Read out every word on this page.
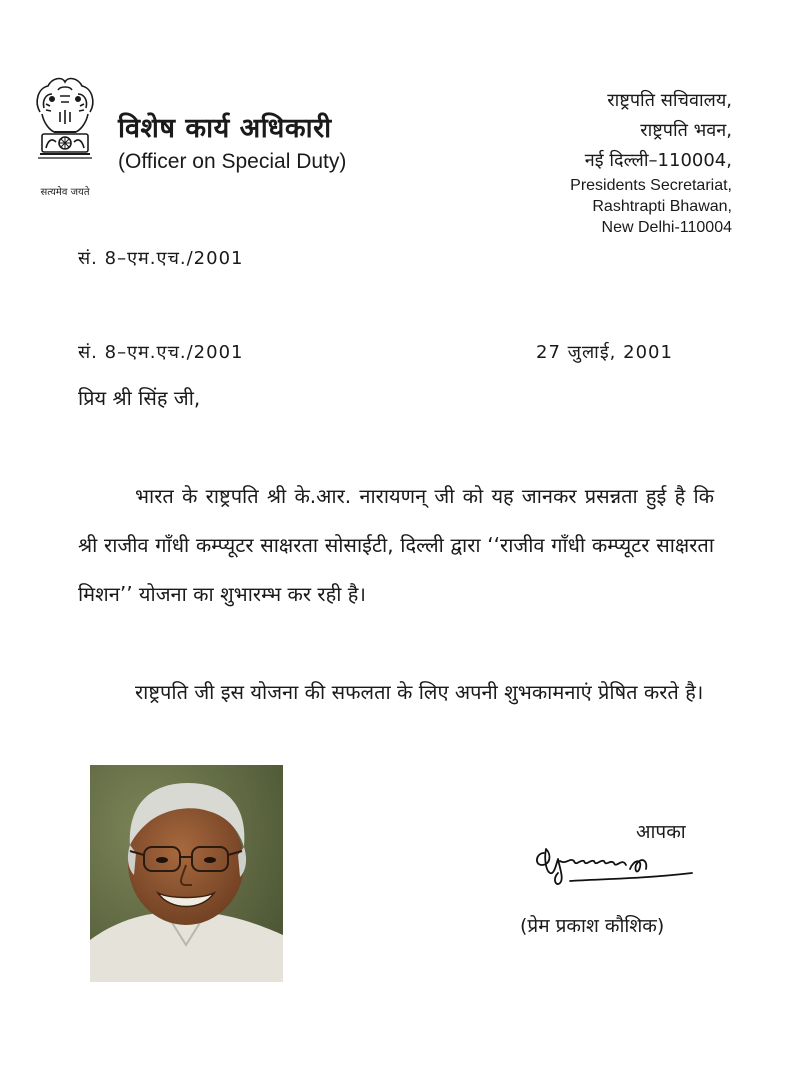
सत्यमेव जयते
विशेष कार्य अधिकारी
(Officer on Special Duty)
राष्ट्रपति सचिवालय,
राष्ट्रपति भवन,
नई दिल्ली–110004,
Presidents Secretariat,
Rashtrapti Bhawan,
New Delhi-110004
सं. 8–एम.एच./2001
सं. 8–एम.एच./2001	27 जुलाई, 2001
प्रिय श्री सिंह जी,

भारत के राष्ट्रपति श्री के.आर. नारायणन् जी को यह जानकर प्रसन्नता हुई है कि श्री राजीव गाँधी कम्प्यूटर साक्षरता सोसाईटी, दिल्ली द्वारा ‘‘राजीव गाँधी कम्प्यूटर साक्षरता मिशन’’ योजना का शुभारम्भ कर रही है।

राष्ट्रपति जी इस योजना की सफलता के लिए अपनी शुभकामनाएं प्रेषित करते है।

आपका
(प्रेम प्रकाश कौशिक)
